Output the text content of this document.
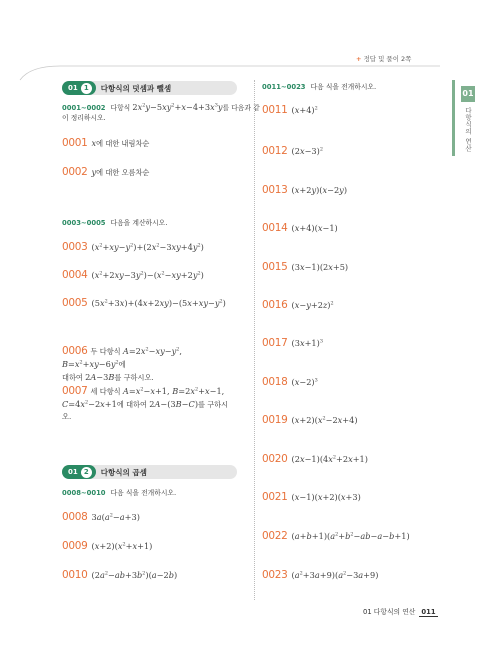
+ 정답 및 풀이 2쪽
01
다항식의 연산
01 1	다항식의 덧셈과 뺄셈
0001~0002 다항식 $2x^2y-5xy^2+x-4+3x^3y$를 다음과 같
이 정리하시오.
0001 x에 대한 내림차순
0002 y에 대한 오름차순
0003~0005 다음을 계산하시오.
0003 $(x^2+xy-y^2)+(2x^2-3xy+4y^2)$
0004 $(x^2+2xy-3y^2)-(x^2-xy+2y^2)$
0005 $(5x^2+3x)+(4x+2xy)-(5x+xy-y^2)$
0006 두 다항식 $A=2x^2-xy-y^2$, $B=x^2+xy-6y^2$에
대하여 2A−3B를 구하시오.
0007 세 다항식 $A=x^2-x+1$, $B=2x^2+x-1$,
$C=4x^2-2x+1$에 대하여 2A−(3B−C)를 구하시오.
01 2	다항식의 곱셈
0008~0010 다음 식을 전개하시오.
0008 $3a(a^2-a+3)$
0009 $(x+2)(x^2+x+1)$
0010 $(2a^2-ab+3b^2)(a-2b)$
0011~0023 다음 식을 전개하시오.
0011 $(x+4)^2$
0012 $(2x-3)^2$
0013 (x+2y)(x−2y)
0014 (x+4)(x−1)
0015 (3x−1)(2x+5)
0016 $(x-y+2z)^2$
0017 $(3x+1)^3$
0018 $(x-2)^3$
0019 $(x+2)(x^2-2x+4)$
0020 $(2x-1)(4x^2+2x+1)$
0021 (x−1)(x+2)(x+3)
0022 $(a+b+1)(a^2+b^2-ab-a-b+1)$
0023 $(a^2+3a+9)(a^2-3a+9)$
01 다항식의 연산 011
